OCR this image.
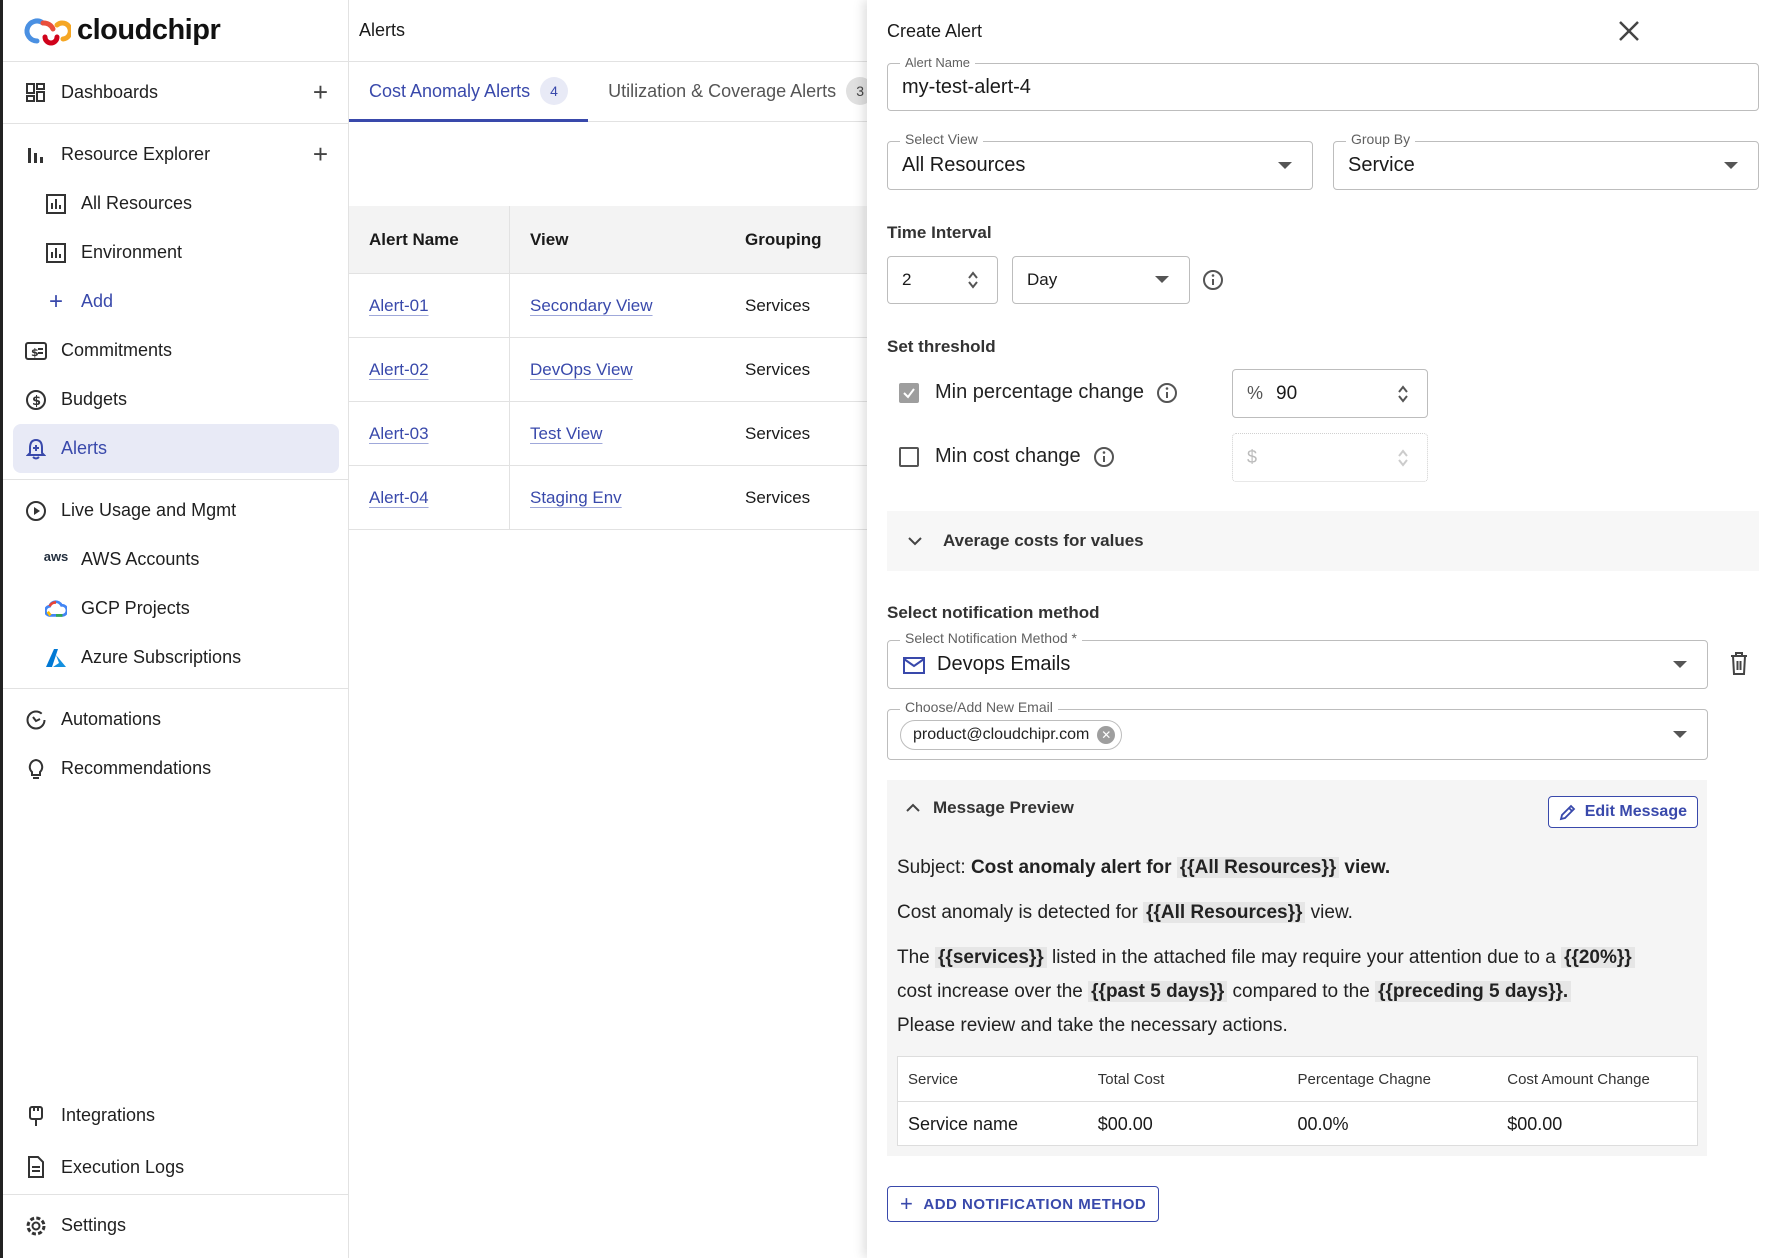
cloudchipr
Dashboards	+
Resource Explorer	+
All Resources
Environment
+ Add
$ Commitments
$ Budgets
Alerts
Live Usage and Mgmt
aws AWS Accounts
GCP Projects
Azure Subscriptions
Automations
Recommendations
Integrations
Execution Logs
Settings
Alerts
Cost Anomaly Alerts	4	Utilization & Coverage Alerts	3
Alert Name	View	Grouping
Alert-01	Secondary View	Services
Alert-02	DevOps View	Services
Alert-03	Test View	Services
Alert-04	Staging Env	Services
Create Alert
Alert Name
my-test-alert-4
Select View
All Resources
Group By
Service
Time Interval
2	Day
Set threshold
Min percentage change	% 90
Min cost change	$
Average costs for values
Select notification method
Select Notification Method *
Devops Emails
Choose/Add New Email
product@cloudchipr.com ✕
Message Preview	Edit Message
Subject: Cost anomaly alert for {{All Resources}} view.
Cost anomaly is detected for {{All Resources}} view.
The {{services}} listed in the attached file may require your attention due to a {{20%}}
cost increase over the {{past 5 days}} compared to the {{preceding 5 days}}.
Please review and take the necessary actions.
Service	Total Cost	Percentage Chagne	Cost Amount Change
Service name	$00.00	00.0%	$00.00
+ ADD NOTIFICATION METHOD
